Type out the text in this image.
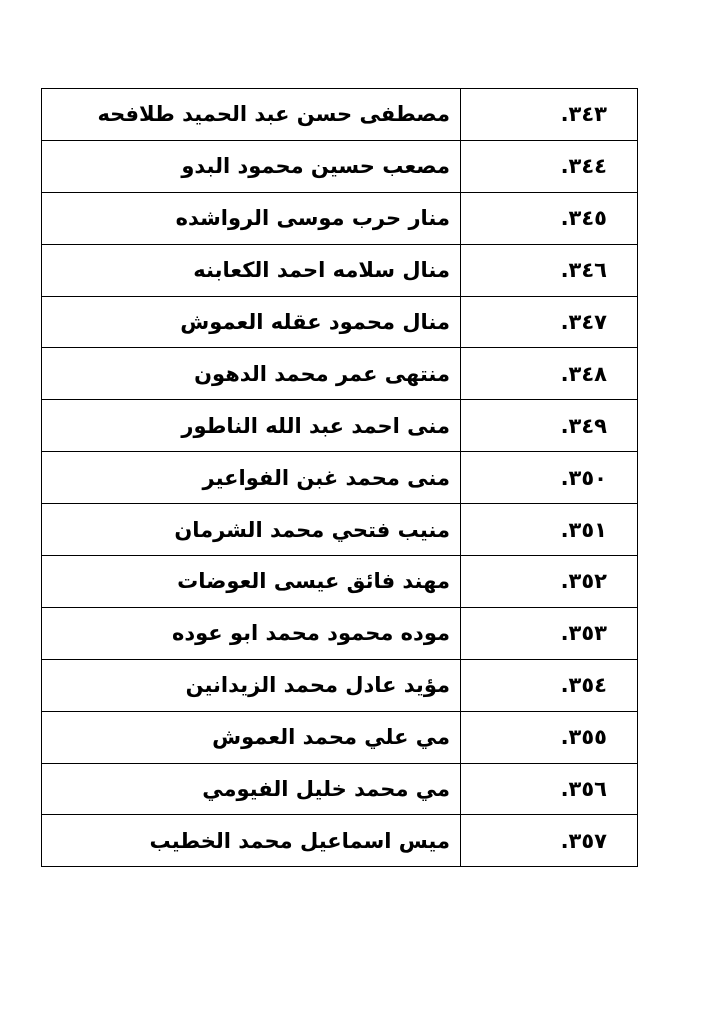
٣٤٣.	مصطفى حسن عبد الحميد طلافحه
٣٤٤.	مصعب حسين محمود البدو
٣٤٥.	منار حرب موسى الرواشده
٣٤٦.	منال سلامه احمد الكعابنه
٣٤٧.	منال محمود عقله العموش
٣٤٨.	منتهى عمر محمد الدهون
٣٤٩.	منى احمد عبد الله الناطور
٣٥٠.	منى محمد غبن الفواعير
٣٥١.	منيب فتحي محمد الشرمان
٣٥٢.	مهند فائق عيسى العوضات
٣٥٣.	موده محمود محمد ابو عوده
٣٥٤.	مؤيد عادل محمد الزيدانين
٣٥٥.	مي علي محمد العموش
٣٥٦.	مي محمد خليل الفيومي
٣٥٧.	ميس اسماعيل محمد الخطيب
